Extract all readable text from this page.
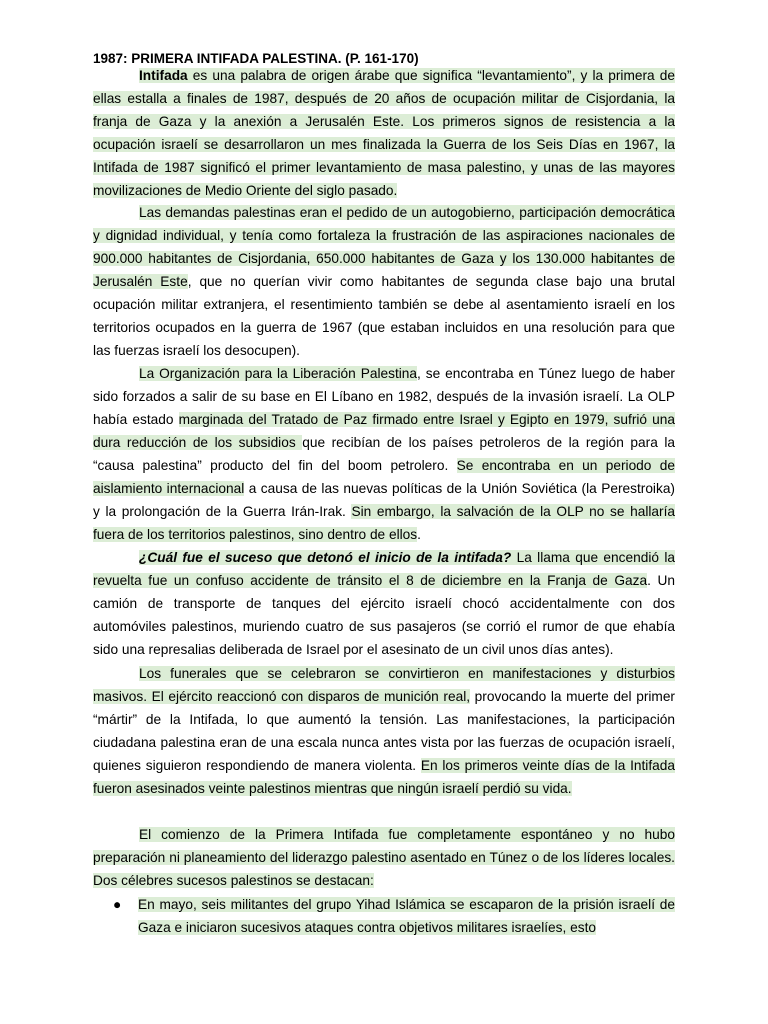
1987: PRIMERA INTIFADA PALESTINA. (P. 161-170)

Intifada es una palabra de origen árabe que significa “levantamiento”, y la primera de ellas estalla a finales de 1987, después de 20 años de ocupación militar de Cisjordania, la franja de Gaza y la anexión a Jerusalén Este. Los primeros signos de resistencia a la ocupación israelí se desarrollaron un mes finalizada la Guerra de los Seis Días en 1967, la Intifada de 1987 significó el primer levantamiento de masa palestino, y unas de las mayores movilizaciones de Medio Oriente del siglo pasado.

Las demandas palestinas eran el pedido de un autogobierno, participación democrática y dignidad individual, y tenía como fortaleza la frustración de las aspiraciones nacionales de 900.000 habitantes de Cisjordania, 650.000 habitantes de Gaza y los 130.000 habitantes de Jerusalén Este, que no querían vivir como habitantes de segunda clase bajo una brutal ocupación militar extranjera, el resentimiento también se debe al asentamiento israelí en los territorios ocupados en la guerra de 1967 (que estaban incluidos en una resolución para que las fuerzas israelí los desocupen).

La Organización para la Liberación Palestina, se encontraba en Túnez luego de haber sido forzados a salir de su base en El Líbano en 1982, después de la invasión israelí. La OLP había estado marginada del Tratado de Paz firmado entre Israel y Egipto en 1979, sufrió una dura reducción de los subsidios que recibían de los países petroleros de la región para la “causa palestina” producto del fin del boom petrolero. Se encontraba en un periodo de aislamiento internacional a causa de las nuevas políticas de la Unión Soviética (la Perestroika) y la prolongación de la Guerra Irán-Irak. Sin embargo, la salvación de la OLP no se hallaría fuera de los territorios palestinos, sino dentro de ellos.

¿Cuál fue el suceso que detonó el inicio de la intifada? La llama que encendió la revuelta fue un confuso accidente de tránsito el 8 de diciembre en la Franja de Gaza. Un camión de transporte de tanques del ejército israelí chocó accidentalmente con dos automóviles palestinos, muriendo cuatro de sus pasajeros (se corrió el rumor de que ehabía sido una represalias deliberada de Israel por el asesinato de un civil unos días antes).

Los funerales que se celebraron se convirtieron en manifestaciones y disturbios masivos. El ejército reaccionó con disparos de munición real, provocando la muerte del primer “mártir” de la Intifada, lo que aumentó la tensión. Las manifestaciones, la participación ciudadana palestina eran de una escala nunca antes vista por las fuerzas de ocupación israelí, quienes siguieron respondiendo de manera violenta. En los primeros veinte días de la Intifada fueron asesinados veinte palestinos mientras que ningún israelí perdió su vida.

El comienzo de la Primera Intifada fue completamente espontáneo y no hubo preparación ni planeamiento del liderazgo palestino asentado en Túnez o de los líderes locales. Dos célebres sucesos palestinos se destacan:

● En mayo, seis militantes del grupo Yihad Islámica se escaparon de la prisión israelí de Gaza e iniciaron sucesivos ataques contra objetivos militares israelíes, esto
